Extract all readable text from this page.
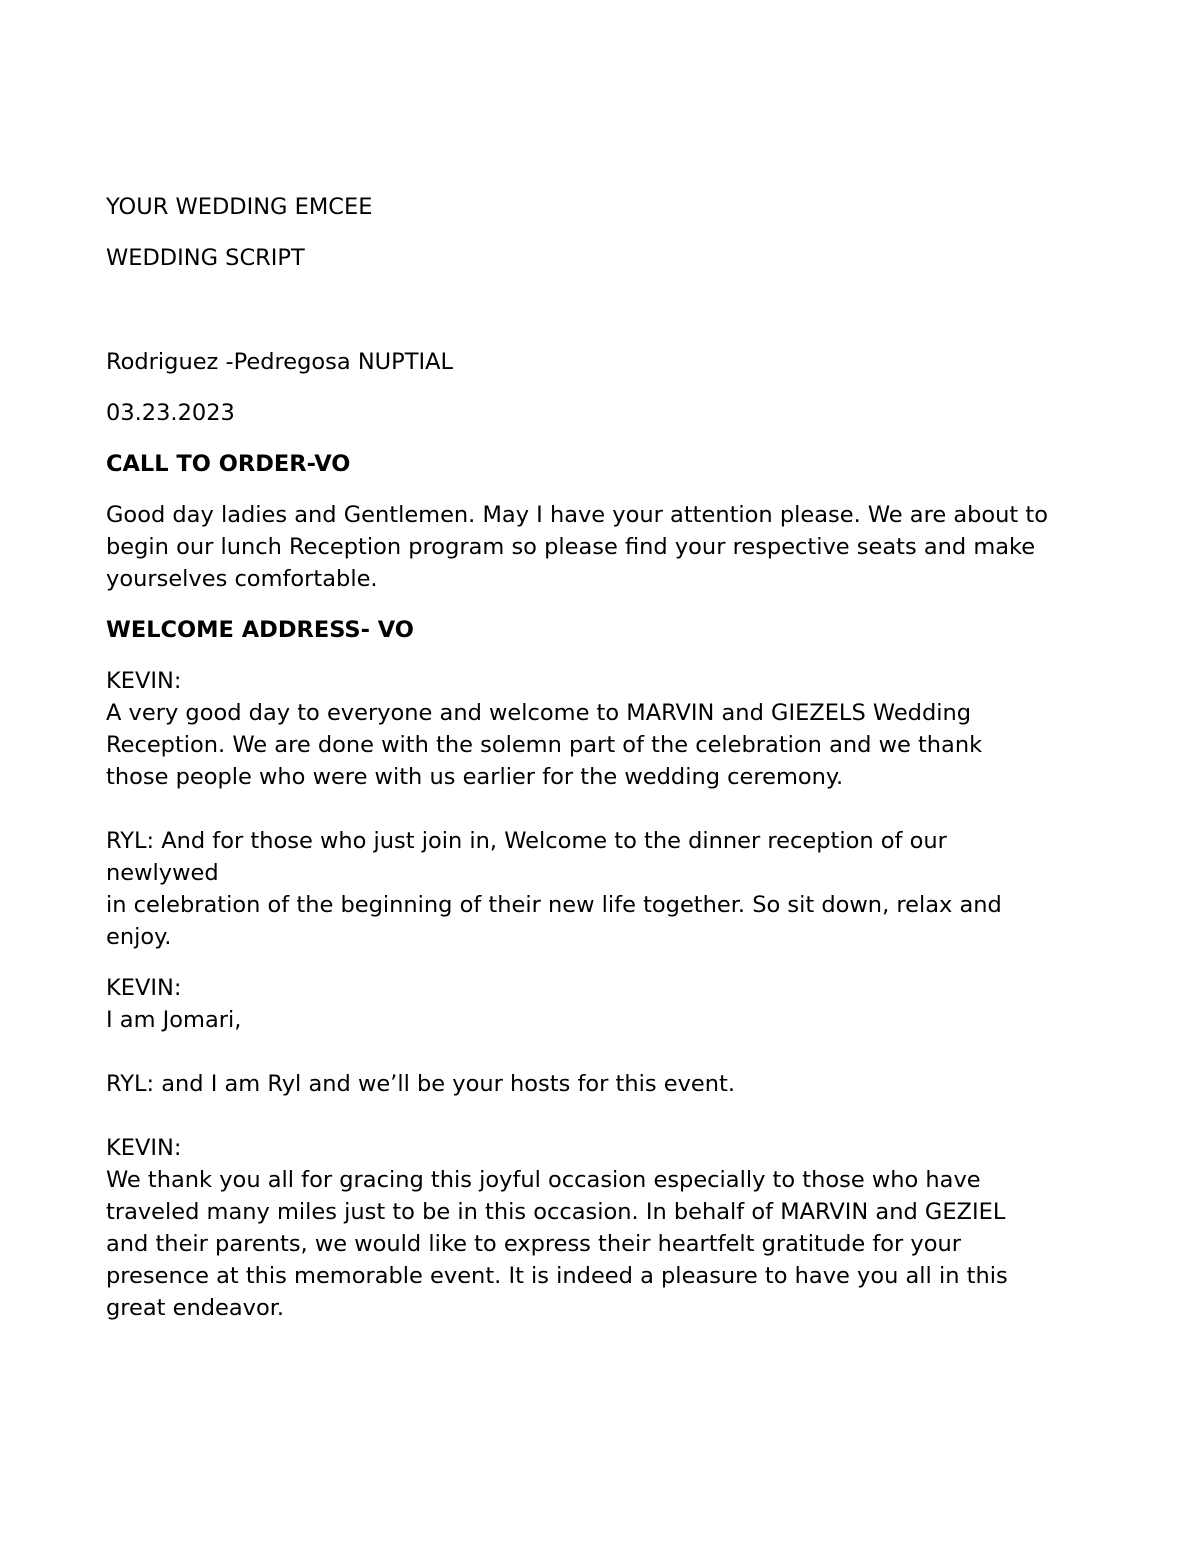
YOUR WEDDING EMCEE

WEDDING SCRIPT

Rodriguez -Pedregosa NUPTIAL

03.23.2023

CALL TO ORDER-VO

Good day ladies and Gentlemen. May I have your attention please. We are about to
begin our lunch Reception program so please find your respective seats and make
yourselves comfortable.

WELCOME ADDRESS- VO

KEVIN:
A very good day to everyone and welcome to MARVIN and GIEZELS Wedding
Reception. We are done with the solemn part of the celebration and we thank
those people who were with us earlier for the wedding ceremony.

RYL: And for those who just join in, Welcome to the dinner reception of our
newlywed
in celebration of the beginning of their new life together. So sit down, relax and
enjoy.

KEVIN:
I am Jomari,

RYL: and I am Ryl and we’ll be your hosts for this event.

KEVIN:

We thank you all for gracing this joyful occasion especially to those who have
traveled many miles just to be in this occasion. In behalf of MARVIN and GEZIEL
and their parents, we would like to express their heartfelt gratitude for your
presence at this memorable event. It is indeed a pleasure to have you all in this
great endeavor.
